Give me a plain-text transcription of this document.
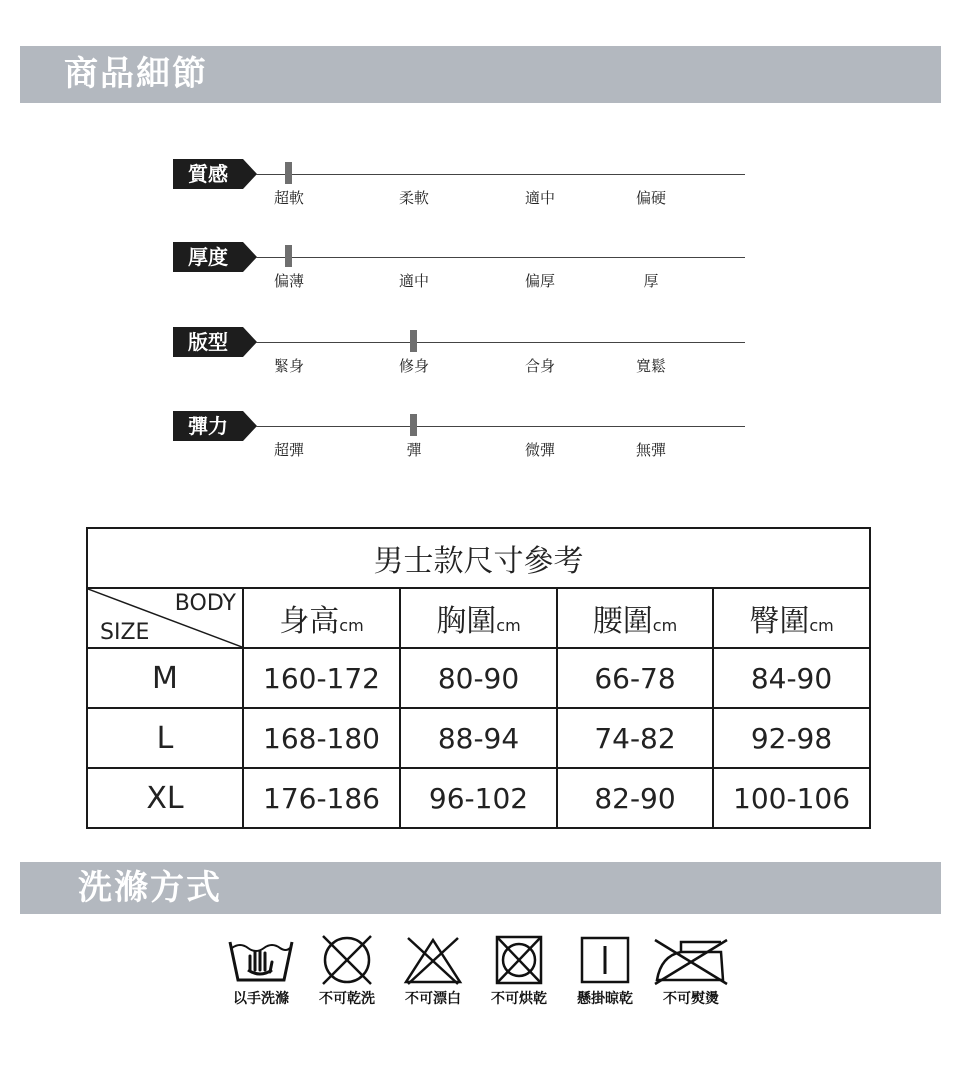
商品細節
質感
超軟	柔軟	適中	偏硬
厚度
偏薄	適中	偏厚	厚
版型
緊身	修身	合身	寬鬆
彈力
超彈	彈	微彈	無彈
男士款尺寸參考				

BODY
SIZE	身高cm	胸圍cm	腰圍cm	臀圍cm
M	160-172	80-90	66-78	84-90
L	168-180	88-94	74-82	92-98
XL	176-186	96-102	82-90	100-106
洗滌方式
以手洗滌	不可乾洗	不可漂白	不可烘乾	懸掛晾乾	不可熨燙
